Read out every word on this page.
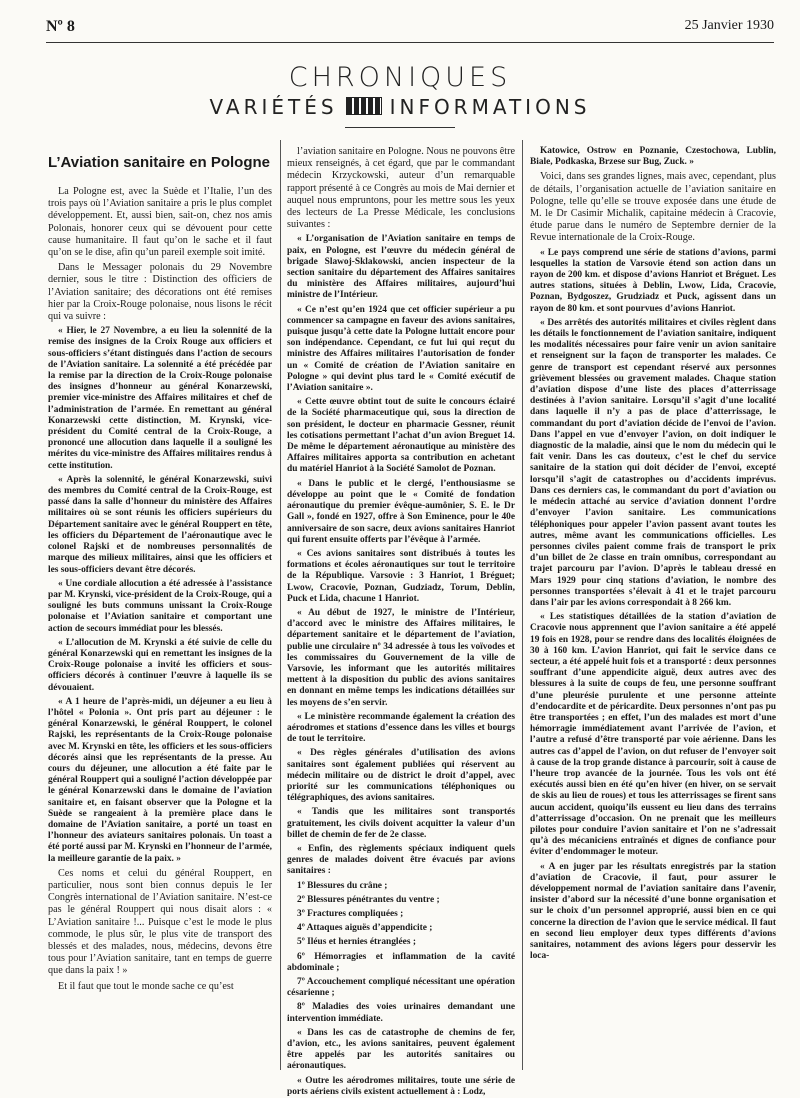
Nº 8	25 Janvier 1930
CHRONIQUES
VARIÉTÉS	INFORMATIONS
L’Aviation sanitaire en Pologne

La Pologne est, avec la Suède et l’Italie, l’un des trois pays où l’Aviation sanitaire a pris le plus complet développement. Et, aussi bien, sait-on, chez nos amis Polonais, honorer ceux qui se dévouent pour cette cause humanitaire. Il faut qu’on le sache et il faut qu’on se le dise, afin qu’un pareil exemple soit imité.

Dans le Messager polonais du 29 Novembre dernier, sous le titre : Distinction des officiers de l’Aviation sanitaire; des décorations ont été remises hier par la Croix-Rouge polonaise, nous lisons le récit qui va suivre :

« Hier, le 27 Novembre, a eu lieu la solennité de la remise des insignes de la Croix Rouge aux officiers et sous-officiers s’étant distingués dans l’action de secours de l’Aviation sanitaire. La solennité a été précédée par la remise par la direction de la Croix-Rouge polonaise des insignes d’honneur au général Konarzewski, premier vice-ministre des Affaires militaires et chef de l’administration de l’armée. En remettant au général Konarzewski cette distinction, M. Krynski, vice-président du Comité central de la Croix-Rouge, a prononcé une allocution dans laquelle il a souligné les mérites du vice-ministre des Affaires militaires rendus à cette institution.

« Après la solennité, le général Konarzewski, suivi des membres du Comité central de la Croix-Rouge, est passé dans la salle d’honneur du ministère des Affaires militaires où se sont réunis les officiers supérieurs du Département sanitaire avec le général Rouppert en tête, les officiers du Département de l’aéronautique avec le colonel Rajski et de nombreuses personnalités de marque des milieux militaires, ainsi que les officiers et les sous-officiers devant être décorés.

« Une cordiale allocution a été adressée à l’assistance par M. Krynski, vice-président de la Croix-Rouge, qui a souligné les buts communs unissant la Croix-Rouge polonaise et l’Aviation sanitaire et comportant une action de secours immédiat pour les blessés.

« L’allocution de M. Krynski a été suivie de celle du général Konarzewski qui en remettant les insignes de la Croix-Rouge polonaise a invité les officiers et sous-officiers décorés à continuer l’œuvre à laquelle ils se dévouaient.

« A 1 heure de l’après-midi, un déjeuner a eu lieu à l’hôtel « Polonia ». Ont pris part au déjeuner : le général Konarzewski, le général Rouppert, le colonel Rajski, les représentants de la Croix-Rouge polonaise avec M. Krynski en tête, les officiers et les sous-officiers décorés ainsi que les représentants de la presse. Au cours du déjeuner, une allocution a été faite par le général Rouppert qui a souligné l’action développée par le général Konarzewski dans le domaine de l’aviation sanitaire et, en faisant observer que la Pologne et la Suède se rangeaient à la première place dans le domaine de l’Aviation sanitaire, a porté un toast en l’honneur des aviateurs sanitaires polonais. Un toast a été porté aussi par M. Krynski en l’honneur de l’armée, la meilleure garantie de la paix. »

Ces noms et celui du général Rouppert, en particulier, nous sont bien connus depuis le Ier Congrès international de l’Aviation sanitaire. N’est-ce pas le général Rouppert qui nous disait alors : « L’Aviation sanitaire !... Puisque c’est le mode le plus commode, le plus sûr, le plus vite de transport des blessés et des malades, nous, médecins, devons être tous pour l’Aviation sanitaire, tant en temps de guerre que dans la paix ! »

Et il faut que tout le monde sache ce qu’est

l’aviation sanitaire en Pologne. Nous ne pouvons être mieux renseignés, à cet égard, que par le commandant médecin Krzyckowski, auteur d’un remarquable rapport présenté à ce Congrès au mois de Mai dernier et auquel nous empruntons, pour les mettre sous les yeux des lecteurs de La Presse Médicale, les conclusions suivantes :

« L’organisation de l’Aviation sanitaire en temps de paix, en Pologne, est l’œuvre du médecin général de brigade Slawoj-Sklakowski, ancien inspecteur de la section sanitaire du département des Affaires sanitaires du ministère des Affaires militaires, aujourd’hui ministre de l’Intérieur.

« Ce n’est qu’en 1924 que cet officier supérieur a pu commencer sa campagne en faveur des avions sanitaires, puisque jusqu’à cette date la Pologne luttait encore pour son indépendance. Cependant, ce fut lui qui reçut du ministre des Affaires militaires l’autorisation de fonder un « Comité de création de l’Aviation sanitaire en Pologne » qui devint plus tard le « Comité exécutif de l’Aviation sanitaire ».

« Cette œuvre obtint tout de suite le concours éclairé de la Société pharmaceutique qui, sous la direction de son président, le docteur en pharmacie Gessner, réunit les cotisations permettant l’achat d’un avion Breguet 14. De même le département aéronautique au ministère des Affaires militaires apporta sa contribution en achetant du matériel Hanriot à la Société Samolot de Poznan.

« Dans le public et le clergé, l’enthousiasme se développe au point que le « Comité de fondation aéronautique du premier évêque-aumônier, S. E. le Dr Gall », fondé en 1927, offre à Son Eminence, pour le 40e anniversaire de son sacre, deux avions sanitaires Hanriot qui furent ensuite offerts par l’évêque à l’armée.

« Ces avions sanitaires sont distribués à toutes les formations et écoles aéronautiques sur tout le territoire de la République. Varsovie : 3 Hanriot, 1 Bréguet; Lwow, Cracovie, Poznan, Gudziadz, Torum, Deblin, Puck et Lida, chacune 1 Hanriot.

« Au début de 1927, le ministre de l’Intérieur, d’accord avec le ministre des Affaires militaires, le département sanitaire et le département de l’aviation, publie une circulaire nº 34 adressée à tous les voïvodes et les commissaires du Gouvernement de la ville de Varsovie, les informant que les autorités militaires mettent à la disposition du public des avions sanitaires en donnant en même temps les indications détaillées sur les moyens de s’en servir.

« Le ministère recommande également la création des aérodromes et stations d’essence dans les villes et bourgs de tout le territoire.

« Des règles générales d’utilisation des avions sanitaires sont également publiées qui réservent au médecin militaire ou de district le droit d’appel, avec priorité sur les communications téléphoniques ou télégraphiques, des avions sanitaires.

« Tandis que les militaires sont transportés gratuitement, les civils doivent acquitter la valeur d’un billet de chemin de fer de 2e classe.

« Enfin, des règlements spéciaux indiquent quels genres de malades doivent être évacués par avions sanitaires :

1º Blessures du crâne ;

2º Blessures pénétrantes du ventre ;

3º Fractures compliquées ;

4º Attaques aiguës d’appendicite ;

5º Iléus et hernies étranglées ;

6º Hémorragies et inflammation de la cavité abdominale ;

7º Accouchement compliqué nécessitant une opération césarienne ;

8º Maladies des voies urinaires demandant une intervention immédiate.

« Dans les cas de catastrophe de chemins de fer, d’avion, etc., les avions sanitaires, peuvent également être appelés par les autorités sanitaires ou aéronautiques.

« Outre les aérodromes militaires, toute une série de ports aériens civils existent actuellement à : Lodz,

Katowice, Ostrow en Poznanie, Czestochowa, Lublin, Biale, Podkaska, Brzese sur Bug, Zuck. »

Voici, dans ses grandes lignes, mais avec, cependant, plus de détails, l’organisation actuelle de l’aviation sanitaire en Pologne, telle qu’elle se trouve exposée dans une étude de M. le Dr Casimir Michalik, capitaine médecin à Cracovie, étude parue dans le numéro de Septembre dernier de la Revue internationale de la Croix-Rouge.

« Le pays comprend une série de stations d’avions, parmi lesquelles la station de Varsovie étend son action dans un rayon de 200 km. et dispose d’avions Hanriot et Bréguet. Les autres stations, situées à Deblin, Lwow, Lida, Cracovie, Poznan, Bydgoszez, Grudziadz et Puck, agissent dans un rayon de 80 km. et sont pourvues d’avions Hanriot.

« Des arrêtés des autorités militaires et civiles règlent dans les détails le fonctionnement de l’aviation sanitaire, indiquent les modalités nécessaires pour faire venir un avion sanitaire et renseignent sur la façon de transporter les malades. Ce genre de transport est cependant réservé aux personnes grièvement blessées ou gravement malades. Chaque station d’aviation dispose d’une liste des places d’atterrissage destinées à l’avion sanitaire. Lorsqu’il s’agit d’une localité dans laquelle il n’y a pas de place d’atterrissage, le commandant du port d’aviation décide de l’envoi de l’avion. Dans l’appel en vue d’envoyer l’avion, on doit indiquer le diagnostic de la maladie, ainsi que le nom du médecin qui le fait venir. Dans les cas douteux, c’est le chef du service sanitaire de la station qui doit décider de l’envoi, excepté lorsqu’il s’agit de catastrophes ou d’accidents imprévus. Dans ces derniers cas, le commandant du port d’aviation ou le médecin attaché au service d’aviation donnent l’ordre d’envoyer l’avion sanitaire. Les communications téléphoniques pour appeler l’avion passent avant toutes les autres, même avant les communications officielles. Les personnes civiles paient comme frais de transport le prix d’un billet de 2e classe en train omnibus, correspondant au trajet parcouru par l’avion. D’après le tableau dressé en Mars 1929 pour cinq stations d’aviation, le nombre des personnes transportées s’élevait à 41 et le trajet parcouru dans l’air par les avions correspondait à 8 266 km.

« Les statistiques détaillées de la station d’aviation de Cracovie nous apprennent que l’avion sanitaire a été appelé 19 fois en 1928, pour se rendre dans des localités éloignées de 30 à 160 km. L’avion Hanriot, qui fait le service dans ce secteur, a été appelé huit fois et a transporté : deux personnes souffrant d’une appendicite aiguë, deux autres avec des blessures à la suite de coups de feu, une personne souffrant d’une pleurésie purulente et une personne atteinte d’endocardite et de péricardite. Deux personnes n’ont pas pu être transportées ; en effet, l’un des malades est mort d’une hémorragie immédiatement avant l’arrivée de l’avion, et l’autre a refusé d’être transporté par voie aérienne. Dans les autres cas d’appel de l’avion, on dut refuser de l’envoyer soit à cause de la trop grande distance à parcourir, soit à cause de l’heure trop avancée de la journée. Tous les vols ont été exécutés aussi bien en été qu’en hiver (en hiver, on se servait de skis au lieu de roues) et tous les atterrissages se firent sans aucun accident, quoiqu’ils eussent eu lieu dans des terrains d’atterrissage d’occasion. On ne prenait que les meilleurs pilotes pour conduire l’avion sanitaire et l’on ne s’adressait qu’à des mécaniciens entraînés et dignes de confiance pour éviter d’endommager le moteur.

« A en juger par les résultats enregistrés par la station d’aviation de Cracovie, il faut, pour assurer le développement normal de l’aviation sanitaire dans l’avenir, insister d’abord sur la nécessité d’une bonne organisation et sur le choix d’un personnel approprié, aussi bien en ce qui concerne la direction de l’avion que le service médical. Il faut en second lieu employer deux types différents d’avions sanitaires, notamment des avions légers pour desservir les loca-
